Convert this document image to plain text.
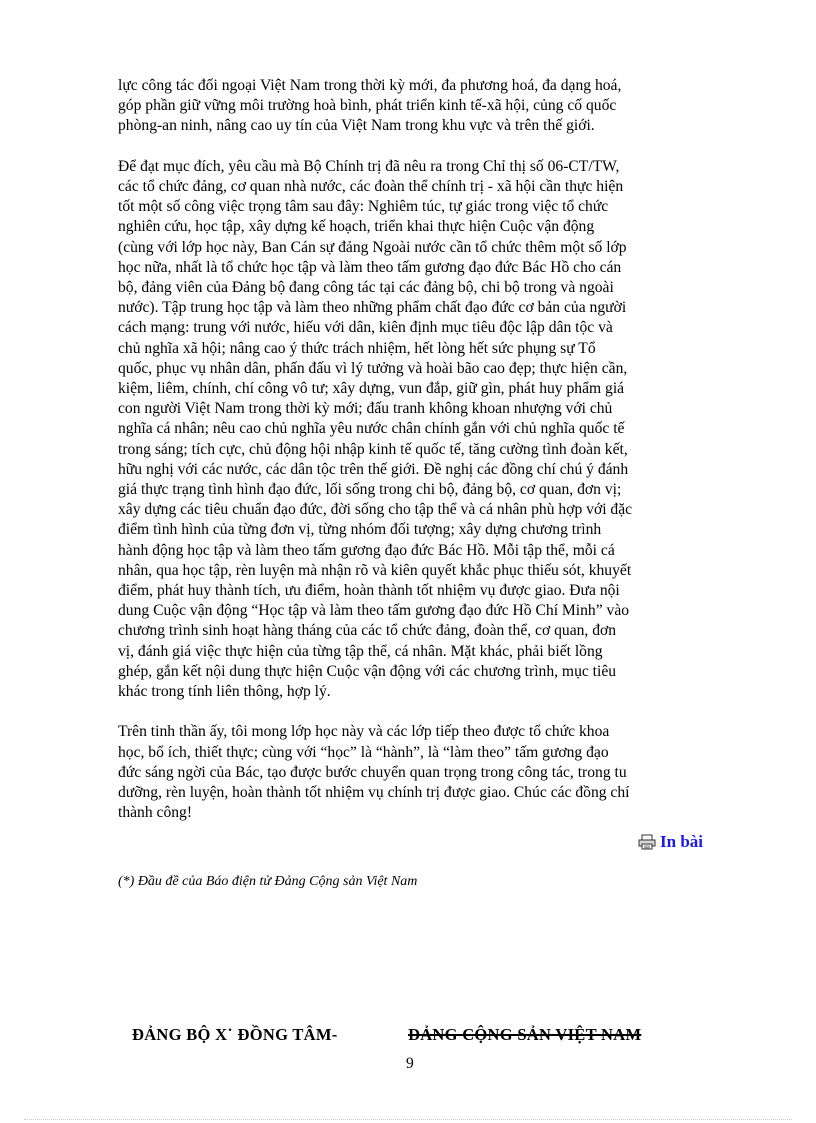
lực công tác đối ngoại Việt Nam trong thời kỳ mới, đa phương hoá, đa dạng hoá,
góp phần giữ vững môi trường hoà bình, phát triển kinh tế-xã hội, củng cố quốc
phòng-an ninh, nâng cao uy tín của Việt Nam trong khu vực và trên thế giới.

Để đạt mục đích, yêu cầu mà Bộ Chính trị đã nêu ra trong Chỉ thị số 06-CT/TW,
các tổ chức đảng, cơ quan nhà nước, các đoàn thể chính trị - xã hội cần thực hiện
tốt một số công việc trọng tâm sau đây: Nghiêm túc, tự giác trong việc tổ chức
nghiên cứu, học tập, xây dựng kế hoạch, triển khai thực hiện Cuộc vận động
(cùng với lớp học này, Ban Cán sự đảng Ngoài nước cần tổ chức thêm một số lớp
học nữa, nhất là tổ chức học tập và làm theo tấm gương đạo đức Bác Hồ cho cán
bộ, đảng viên của Đảng bộ đang công tác tại các đảng bộ, chi bộ trong và ngoài
nước). Tập trung học tập và làm theo những phẩm chất đạo đức cơ bản của người
cách mạng: trung với nước, hiếu với dân, kiên định mục tiêu độc lập dân tộc và
chủ nghĩa xã hội; nâng cao ý thức trách nhiệm, hết lòng hết sức phụng sự Tổ
quốc, phục vụ nhân dân, phấn đấu vì lý tưởng và hoài bão cao đẹp; thực hiện cần,
kiệm, liêm, chính, chí công vô tư; xây dựng, vun đắp, giữ gìn, phát huy phẩm giá
con người Việt Nam trong thời kỳ mới; đấu tranh không khoan nhượng với chủ
nghĩa cá nhân; nêu cao chủ nghĩa yêu nước chân chính gắn với chủ nghĩa quốc tế
trong sáng; tích cực, chủ động hội nhập kinh tế quốc tế, tăng cường tình đoàn kết,
hữu nghị với các nước, các dân tộc trên thế giới. Đề nghị các đồng chí chú ý đánh
giá thực trạng tình hình đạo đức, lối sống trong chi bộ, đảng bộ, cơ quan, đơn vị;
xây dựng các tiêu chuẩn đạo đức, đời sống cho tập thể và cá nhân phù hợp với đặc
điểm tình hình của từng đơn vị, từng nhóm đối tượng; xây dựng chương trình
hành động học tập và làm theo tấm gương đạo đức Bác Hồ. Mỗi tập thể, mỗi cá
nhân, qua học tập, rèn luyện mà nhận rõ và kiên quyết khắc phục thiếu sót, khuyết
điểm, phát huy thành tích, ưu điểm, hoàn thành tốt nhiệm vụ được giao. Đưa nội
dung Cuộc vận động “Học tập và làm theo tấm gương đạo đức Hồ Chí Minh” vào
chương trình sinh hoạt hàng tháng của các tổ chức đảng, đoàn thể, cơ quan, đơn
vị, đánh giá việc thực hiện của từng tập thể, cá nhân. Mặt khác, phải biết lồng
ghép, gắn kết nội dung thực hiện Cuộc vận động với các chương trình, mục tiêu
khác trong tính liên thông, hợp lý.

Trên tinh thần ấy, tôi mong lớp học này và các lớp tiếp theo được tổ chức khoa
học, bổ ích, thiết thực; cùng với “học” là “hành”, là “làm theo” tấm gương đạo
đức sáng ngời của Bác, tạo được bước chuyển quan trọng trong công tác, trong tu
dưỡng, rèn luyện, hoàn thành tốt nhiệm vụ chính trị được giao. Chúc các đồng chí
thành công!

In bài
(*) Đầu đề của Báo điện tử Đảng Cộng sản Việt Nam
ĐẢNG BỘ X˙ ĐỒNG TÂM-	ĐẢNG CỘNG SẢN VIỆT NAM
9
